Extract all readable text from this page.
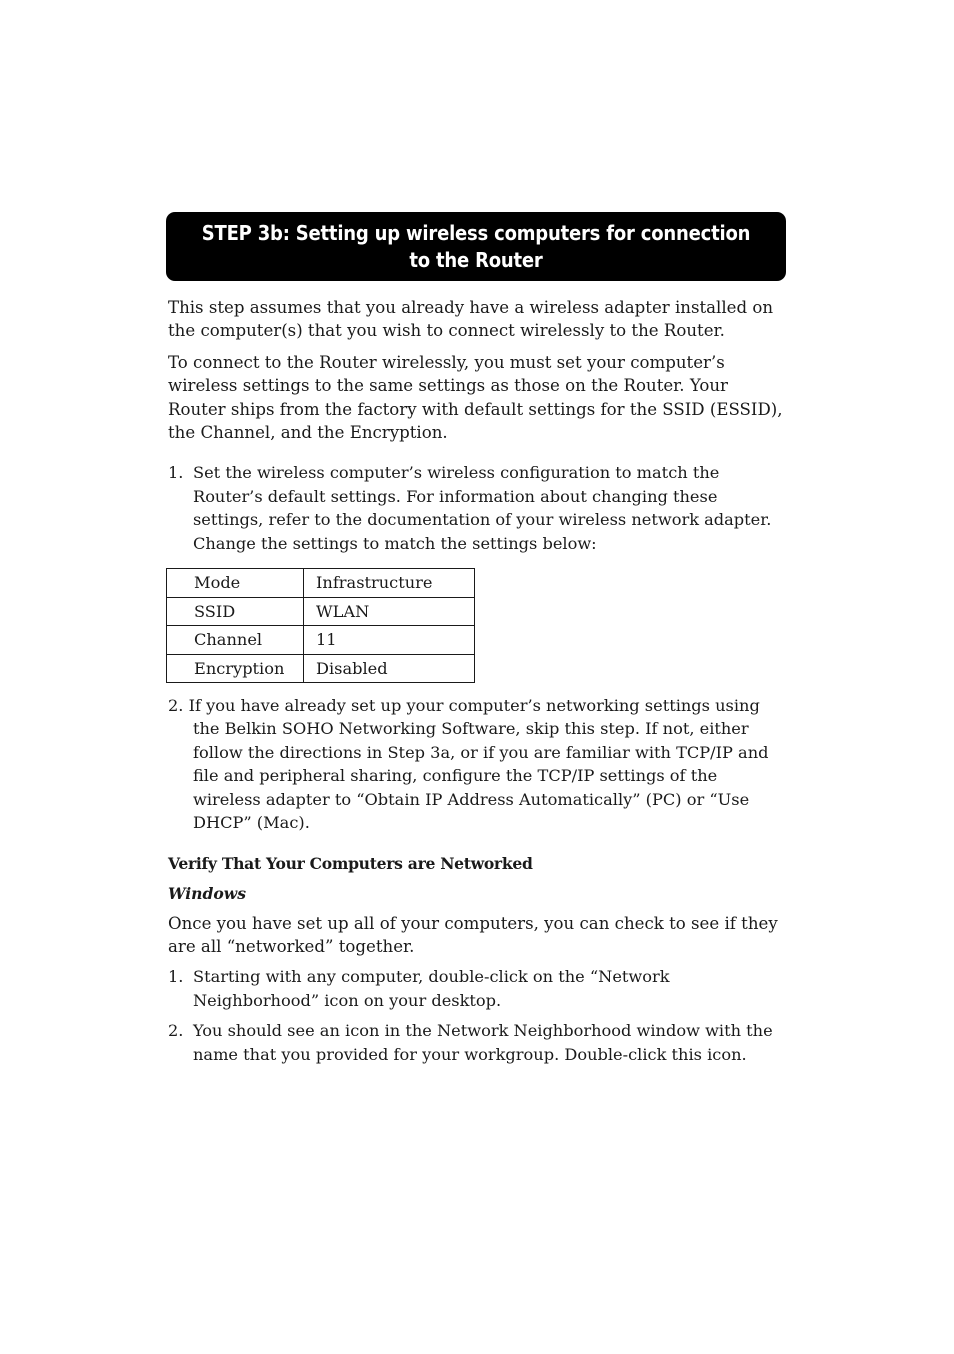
STEP 3b: Setting up wireless computers for connection
to the Router

This step assumes that you already have a wireless adapter installed on the computer(s) that you wish to connect wirelessly to the Router.

To connect to the Router wirelessly, you must set your computer’s wireless settings to the same settings as those on the Router. Your Router ships from the factory with default settings for the SSID (ESSID), the Channel, and the Encryption.

1. Set the wireless computer’s wireless configuration to match the Router’s default settings. For information about changing these settings, refer to the documentation of your wireless network adapter. Change the settings to match the settings below:
Mode	Infrastructure
SSID	WLAN
Channel	11
Encryption	Disabled
2. If you have already set up your computer’s networking settings using the Belkin SOHO Networking Software, skip this step. If not, either follow the directions in Step 3a, or if you are familiar with TCP/IP and file and peripheral sharing, configure the TCP/IP settings of the wireless adapter to “Obtain IP Address Automatically” (PC) or “Use DHCP” (Mac).
Verify That Your Computers are Networked
Windows

Once you have set up all of your computers, you can check to see if they are all “networked” together.

1. Starting with any computer, double-click on the “Network Neighborhood” icon on your desktop.
2. You should see an icon in the Network Neighborhood window with the name that you provided for your workgroup. Double-click this icon.
